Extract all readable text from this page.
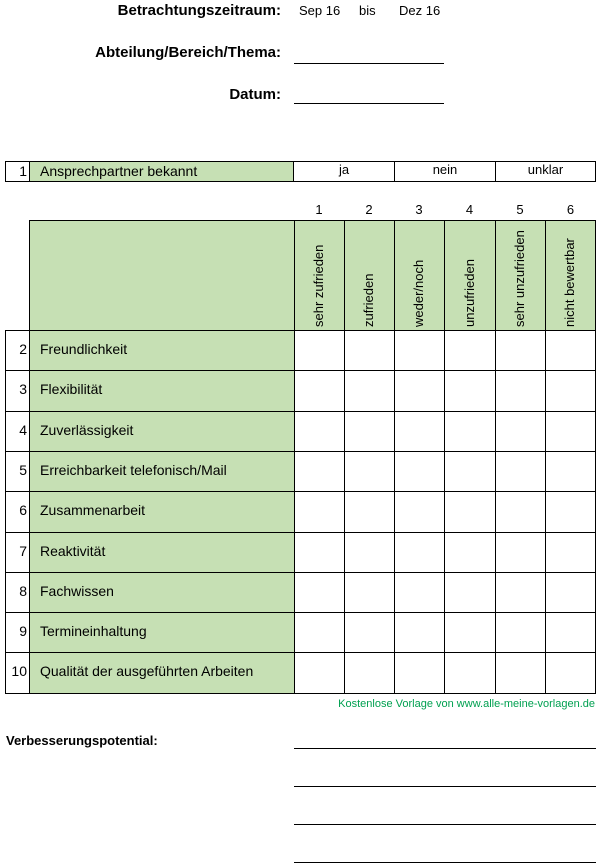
Betrachtungszeitraum: Sep 16 bis Dez 16
Abteilung/Bereich/Thema:
Datum:
1 Ansprechpartner bekannt	ja	nein	unklar
1	2	3	4	5	6
sehr zufrieden	zufrieden	weder/noch	unzufrieden	sehr unzufrieden	nicht bewertbar
2 Freundlichkeit
3 Flexibilität
4 Zuverlässigkeit
5 Erreichbarkeit telefonisch/Mail
6 Zusammenarbeit
7 Reaktivität
8 Fachwissen
9 Termineinhaltung
10 Qualität der ausgeführten Arbeiten
Kostenlose Vorlage von www.alle-meine-vorlagen.de
Verbesserungspotential:
